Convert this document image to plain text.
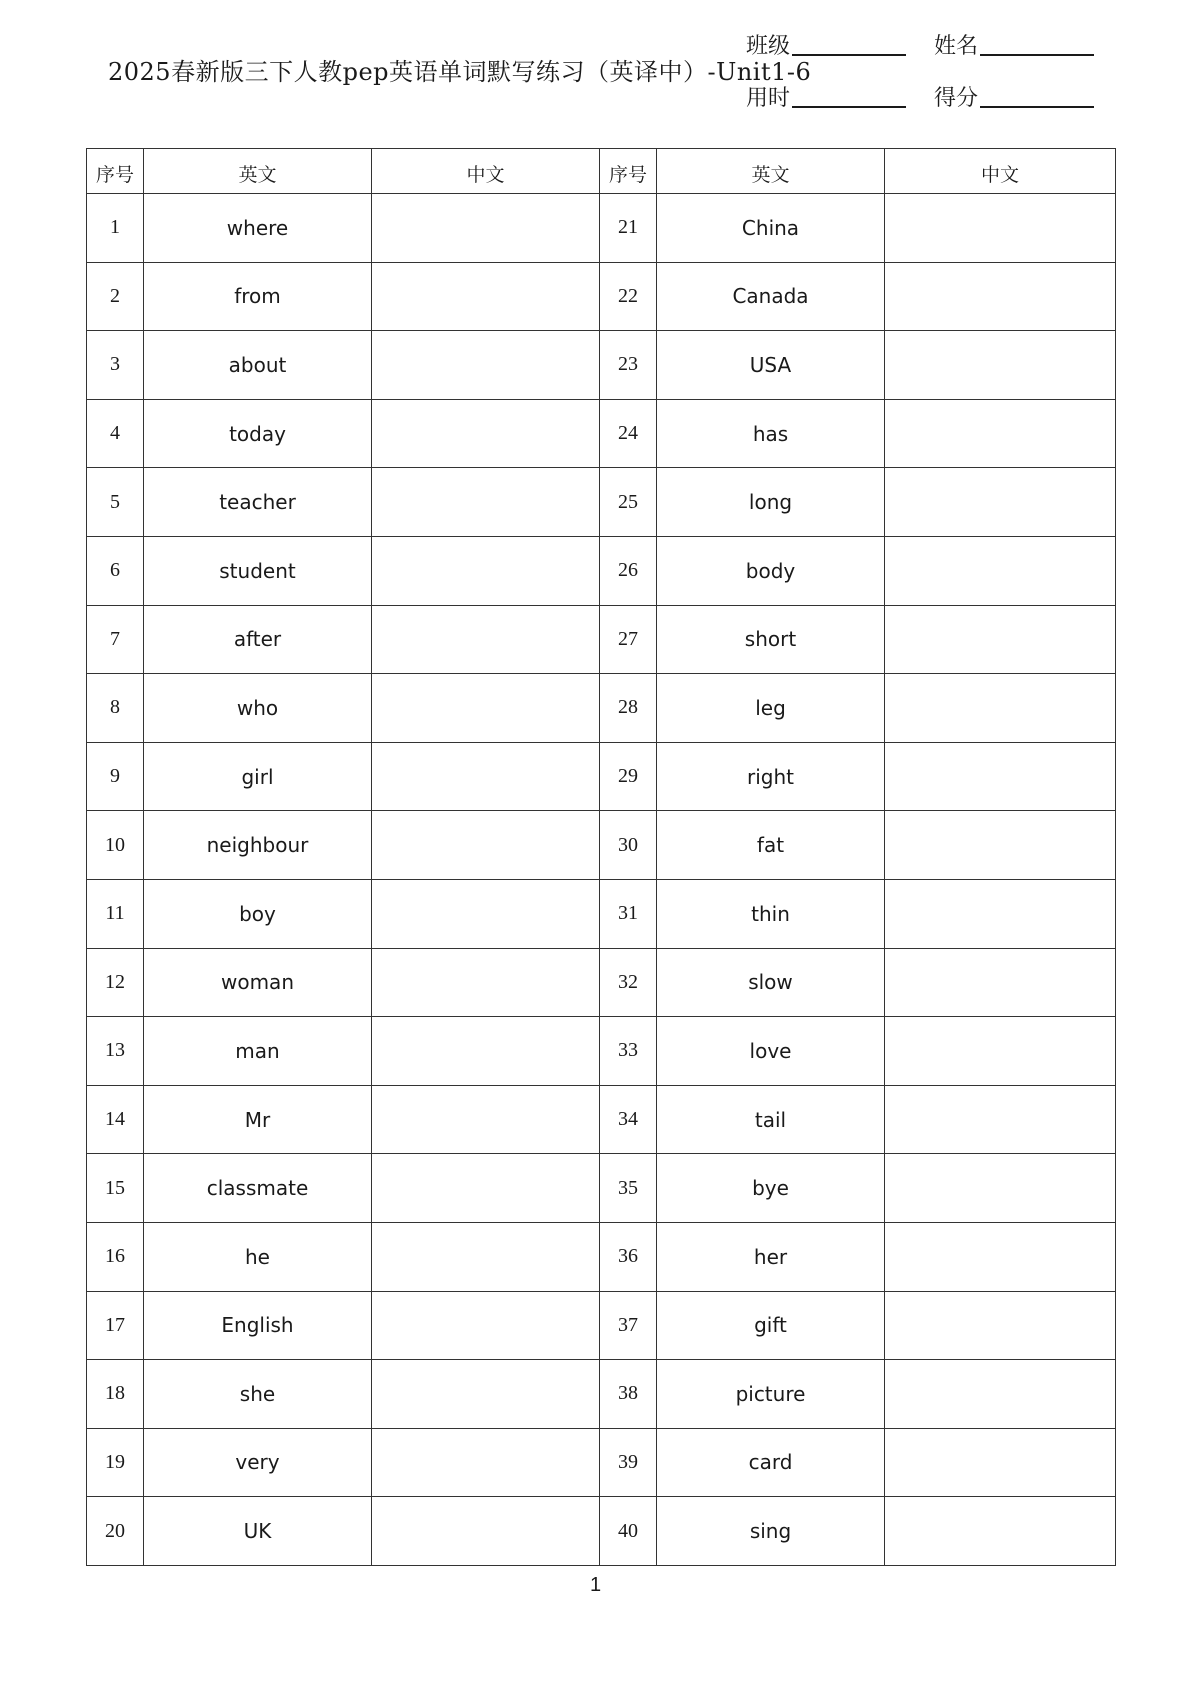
2025春新版三下人教pep英语单词默写练习（英译中）-Unit1-6
班级	姓名
用时	得分
序号	英文	中文	序号	英文	中文
1	where		21	China	
2	from		22	Canada	
3	about		23	USA	
4	today		24	has	
5	teacher		25	long	
6	student		26	body	
7	after		27	short	
8	who		28	leg	
9	girl		29	right	
10	neighbour		30	fat	
11	boy		31	thin	
12	woman		32	slow	
13	man		33	love	
14	Mr		34	tail	
15	classmate		35	bye	
16	he		36	her	
17	English		37	gift	
18	she		38	picture	
19	very		39	card	
20	UK		40	sing	
1
